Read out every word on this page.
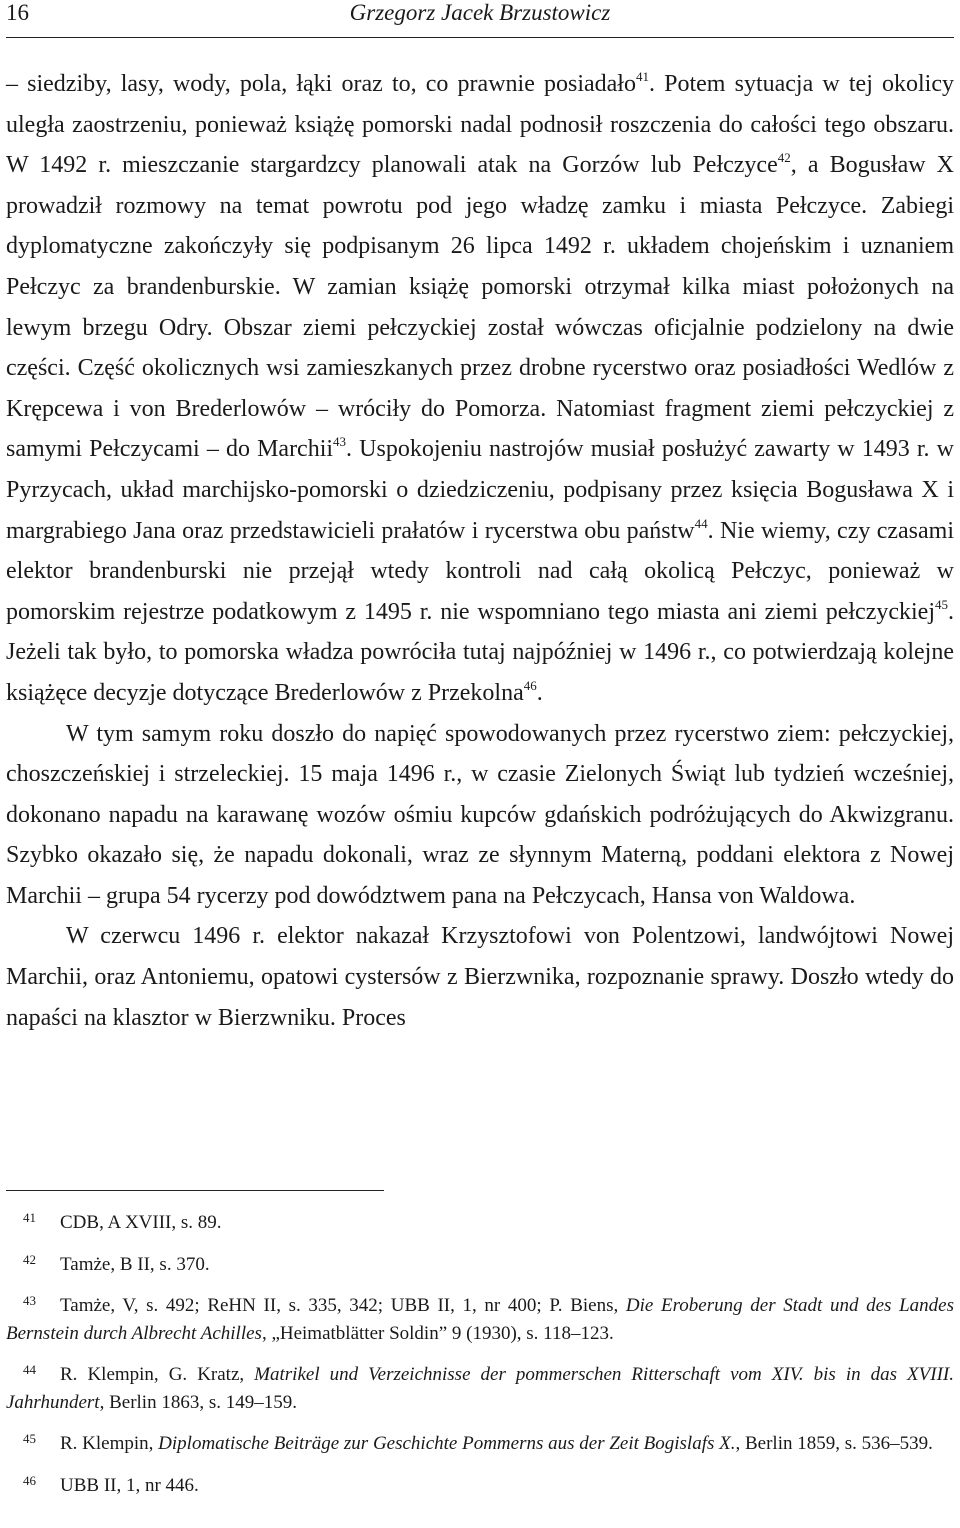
16	Grzegorz Jacek Brzustowicz

– siedziby, lasy, wody, pola, łąki oraz to, co prawnie posiadało$^{41}$. Potem sytuacja w tej okolicy uległa zaostrzeniu, ponieważ książę pomorski nadal podnosił roszczenia do całości tego obszaru. W 1492 r. mieszczanie stargardzcy planowali atak na Gorzów lub Pełczyce$^{42}$, a Bogusław X prowadził rozmowy na temat powrotu pod jego władzę zamku i miasta Pełczyce. Zabiegi dyplomatyczne zakończyły się podpisanym 26 lipca 1492 r. układem chojeńskim i uznaniem Pełczyc za brandenburskie. W zamian książę pomorski otrzymał kilka miast położonych na lewym brzegu Odry. Obszar ziemi pełczyckiej został wówczas oficjalnie podzielony na dwie części. Część okolicznych wsi zamieszkanych przez drobne rycerstwo oraz posiadłości Wedlów z Krępcewa i von Brederlowów – wróciły do Pomorza. Natomiast fragment ziemi pełczyckiej z samymi Pełczycami – do Marchii$^{43}$. Uspokojeniu nastrojów musiał posłużyć zawarty w 1493 r. w Pyrzycach, układ marchijsko-pomorski o dziedziczeniu, podpisany przez księcia Bogusława X i margrabiego Jana oraz przedstawicieli prałatów i rycerstwa obu państw$^{44}$. Nie wiemy, czy czasami elektor brandenburski nie przejął wtedy kontroli nad całą okolicą Pełczyc, ponieważ w pomorskim rejestrze podatkowym z 1495 r. nie wspomniano tego miasta ani ziemi pełczyckiej$^{45}$. Jeżeli tak było, to pomorska władza powróciła tutaj najpóźniej w 1496 r., co potwierdzają kolejne książęce decyzje dotyczące Brederlowów z Przekolna$^{46}$.

W tym samym roku doszło do napięć spowodowanych przez rycerstwo ziem: pełczyckiej, choszczeńskiej i strzeleckiej. 15 maja 1496 r., w czasie Zielonych Świąt lub tydzień wcześniej, dokonano napadu na karawanę wozów ośmiu kupców gdańskich podróżujących do Akwizgranu. Szybko okazało się, że napadu dokonali, wraz ze słynnym Materną, poddani elektora z Nowej Marchii – grupa 54 rycerzy pod dowództwem pana na Pełczycach, Hansa von Waldowa.

W czerwcu 1496 r. elektor nakazał Krzysztofowi von Polentzowi, landwójtowi Nowej Marchii, oraz Antoniemu, opatowi cystersów z Bierzwnika, rozpoznanie sprawy. Doszło wtedy do napaści na klasztor w Bierzwniku. Proces

41 CDB, A XVIII, s. 89.

42 Tamże, B II, s. 370.

43 Tamże, V, s. 492; ReHN II, s. 335, 342; UBB II, 1, nr 400; P. Biens, Die Eroberung der Stadt und des Landes Bernstein durch Albrecht Achilles, „Heimatblätter Soldin” 9 (1930), s. 118–123.

44 R. Klempin, G. Kratz, Matrikel und Verzeichnisse der pommerschen Ritterschaft vom XIV. bis in das XVIII. Jahrhundert, Berlin 1863, s. 149–159.

45 R. Klempin, Diplomatische Beiträge zur Geschichte Pommerns aus der Zeit Bogislafs X., Berlin 1859, s. 536–539.

46 UBB II, 1, nr 446.
